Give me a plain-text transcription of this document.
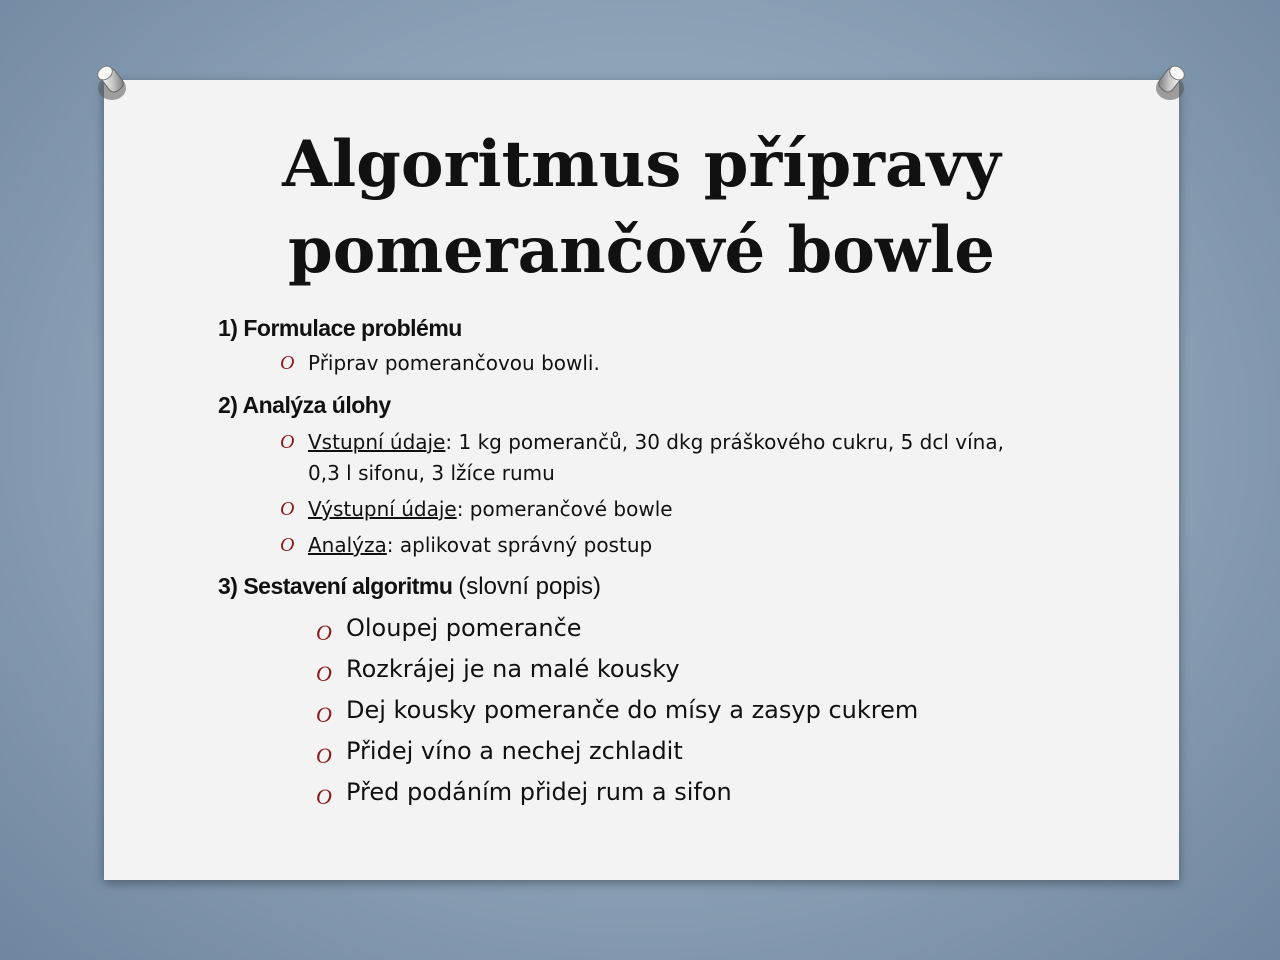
Algoritmus přípravy
pomerančové bowle
1) Formulace problému
O Připrav pomerančovou bowli.
2) Analýza úlohy
O Vstupní údaje: 1 kg pomerančů, 30 dkg práškového cukru, 5 dcl vína,
0,3 l sifonu, 3 lžíce rumu
O Výstupní údaje: pomerančové bowle
O Analýza: aplikovat správný postup
3) Sestavení algoritmu (slovní popis)
O Oloupej pomeranče
O Rozkrájej je na malé kousky
O Dej kousky pomeranče do mísy a zasyp cukrem
O Přidej víno a nechej zchladit
O Před podáním přidej rum a sifon
